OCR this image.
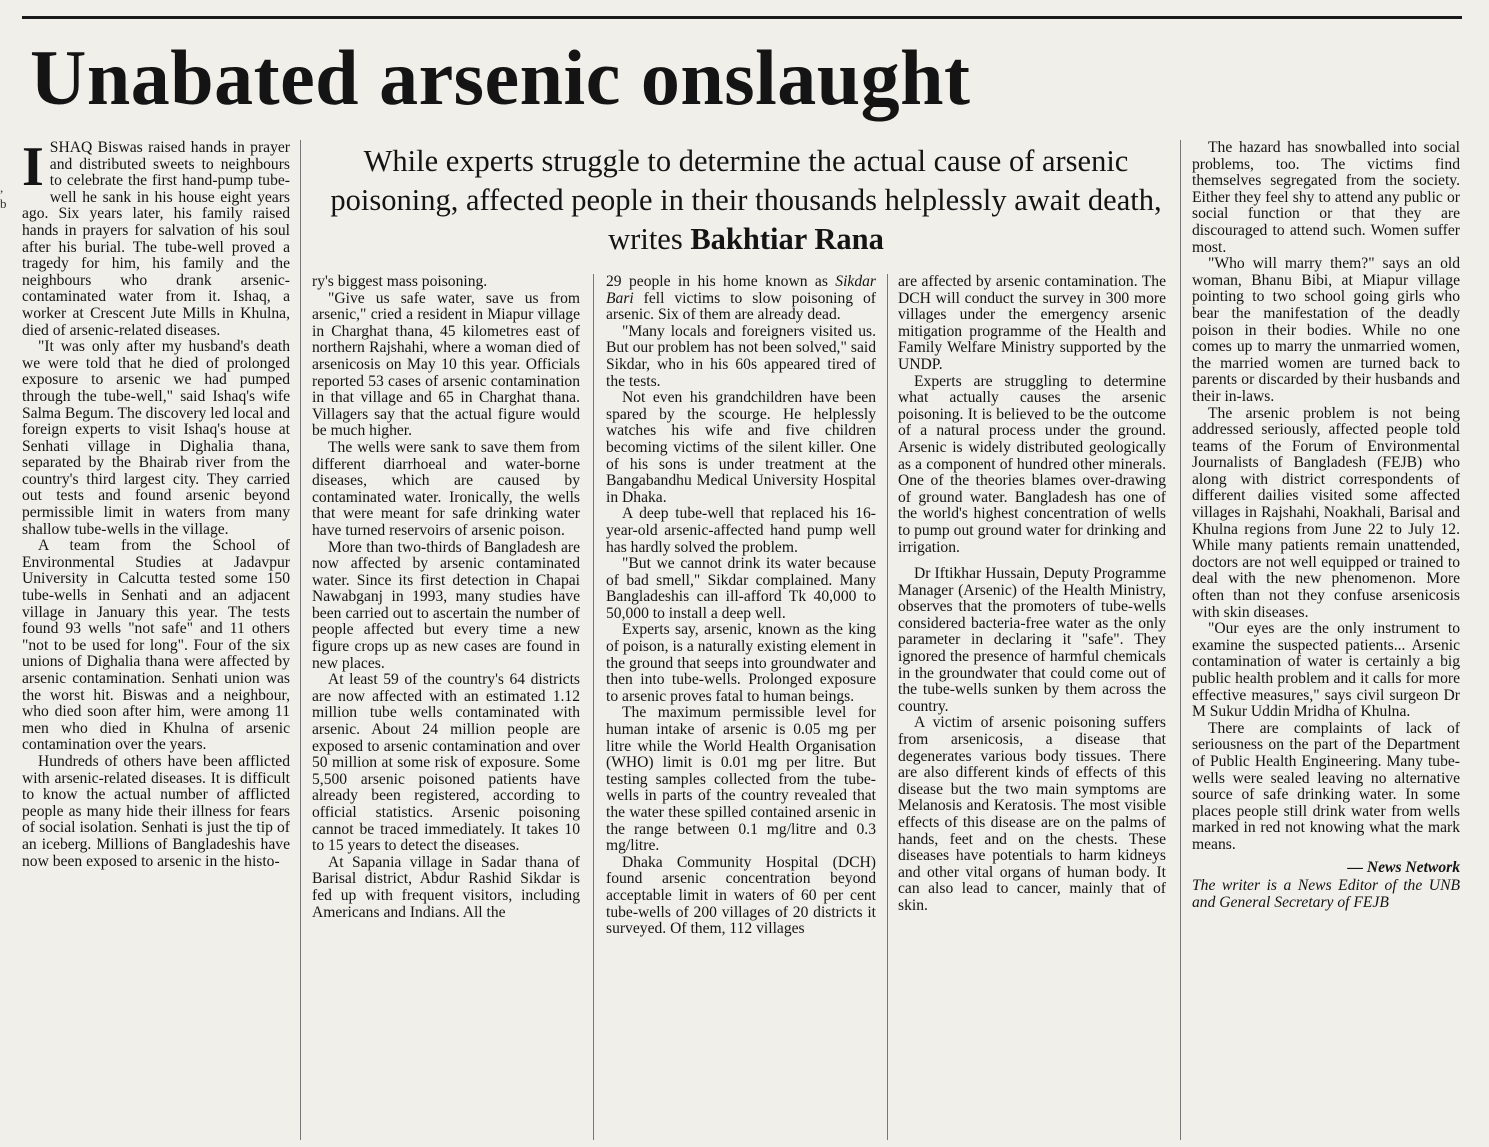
, b
Unabated arsenic onslaught
While experts struggle to determine the actual cause of arsenic poisoning, affected people in their thousands helplessly await death, writes Bakhtiar Rana

ISHAQ Biswas raised hands in prayer and distributed sweets to neighbours to celebrate the first hand-pump tube-well he sank in his house eight years ago. Six years later, his family raised hands in prayers for salvation of his soul after his burial. The tube-well proved a tragedy for him, his family and the neighbours who drank arsenic-contaminated water from it. Ishaq, a worker at Crescent Jute Mills in Khulna, died of arsenic-related diseases.

"It was only after my husband's death we were told that he died of prolonged exposure to arsenic we had pumped through the tube-well," said Ishaq's wife Salma Begum. The discovery led local and foreign experts to visit Ishaq's house at Senhati village in Dighalia thana, separated by the Bhairab river from the country's third largest city. They carried out tests and found arsenic beyond permissible limit in waters from many shallow tube-wells in the village.

A team from the School of Environmental Studies at Jadavpur University in Calcutta tested some 150 tube-wells in Senhati and an adjacent village in January this year. The tests found 93 wells "not safe" and 11 others "not to be used for long". Four of the six unions of Dighalia thana were affected by arsenic contamination. Senhati union was the worst hit. Biswas and a neighbour, who died soon after him, were among 11 men who died in Khulna of arsenic contamination over the years.

Hundreds of others have been afflicted with arsenic-related diseases. It is difficult to know the actual number of afflicted people as many hide their illness for fears of social isolation. Senhati is just the tip of an iceberg. Millions of Bangladeshis have now been exposed to arsenic in the histo-

ry's biggest mass poisoning.

"Give us safe water, save us from arsenic," cried a resident in Miapur village in Charghat thana, 45 kilometres east of northern Rajshahi, where a woman died of arsenicosis on May 10 this year. Officials reported 53 cases of arsenic contamination in that village and 65 in Charghat thana. Villagers say that the actual figure would be much higher.

The wells were sank to save them from different diarrhoeal and water-borne diseases, which are caused by contaminated water. Ironically, the wells that were meant for safe drinking water have turned reservoirs of arsenic poison.

More than two-thirds of Bangladesh are now affected by arsenic contaminated water. Since its first detection in Chapai Nawabganj in 1993, many studies have been carried out to ascertain the number of people affected but every time a new figure crops up as new cases are found in new places.

At least 59 of the country's 64 districts are now affected with an estimated 1.12 million tube wells contaminated with arsenic. About 24 million people are exposed to arsenic contamination and over 50 million at some risk of exposure. Some 5,500 arsenic poisoned patients have already been registered, according to official statistics. Arsenic poisoning cannot be traced immediately. It takes 10 to 15 years to detect the diseases.

At Sapania village in Sadar thana of Barisal district, Abdur Rashid Sikdar is fed up with frequent visitors, including Americans and Indians. All the

29 people in his home known as Sikdar Bari fell victims to slow poisoning of arsenic. Six of them are already dead.

"Many locals and foreigners visited us. But our problem has not been solved," said Sikdar, who in his 60s appeared tired of the tests.

Not even his grandchildren have been spared by the scourge. He helplessly watches his wife and five children becoming victims of the silent killer. One of his sons is under treatment at the Bangabandhu Medical University Hospital in Dhaka.

A deep tube-well that replaced his 16-year-old arsenic-affected hand pump well has hardly solved the problem.

"But we cannot drink its water because of bad smell," Sikdar complained. Many Bangladeshis can ill-afford Tk 40,000 to 50,000 to install a deep well.

Experts say, arsenic, known as the king of poison, is a naturally existing element in the ground that seeps into groundwater and then into tube-wells. Prolonged exposure to arsenic proves fatal to human beings.

The maximum permissible level for human intake of arsenic is 0.05 mg per litre while the World Health Organisation (WHO) limit is 0.01 mg per litre. But testing samples collected from the tube-wells in parts of the country revealed that the water these spilled contained arsenic in the range between 0.1 mg/litre and 0.3 mg/litre.

Dhaka Community Hospital (DCH) found arsenic concentration beyond acceptable limit in waters of 60 per cent tube-wells of 200 villages of 20 districts it surveyed. Of them, 112 villages

are affected by arsenic contamination. The DCH will conduct the survey in 300 more villages under the emergency arsenic mitigation programme of the Health and Family Welfare Ministry supported by the UNDP.

Experts are struggling to determine what actually causes the arsenic poisoning. It is believed to be the outcome of a natural process under the ground. Arsenic is widely distributed geologically as a component of hundred other minerals. One of the theories blames over-drawing of ground water. Bangladesh has one of the world's highest concentration of wells to pump out ground water for drinking and irrigation.

Dr Iftikhar Hussain, Deputy Programme Manager (Arsenic) of the Health Ministry, observes that the promoters of tube-wells considered bacteria-free water as the only parameter in declaring it "safe". They ignored the presence of harmful chemicals in the groundwater that could come out of the tube-wells sunken by them across the country.

A victim of arsenic poisoning suffers from arsenicosis, a disease that degenerates various body tissues. There are also different kinds of effects of this disease but the two main symptoms are Melanosis and Keratosis. The most visible effects of this disease are on the palms of hands, feet and on the chests. These diseases have potentials to harm kidneys and other vital organs of human body. It can also lead to cancer, mainly that of skin.

The hazard has snowballed into social problems, too. The victims find themselves segregated from the society. Either they feel shy to attend any public or social function or that they are discouraged to attend such. Women suffer most.

"Who will marry them?" says an old woman, Bhanu Bibi, at Miapur village pointing to two school going girls who bear the manifestation of the deadly poison in their bodies. While no one comes up to marry the unmarried women, the married women are turned back to parents or discarded by their husbands and their in-laws.

The arsenic problem is not being addressed seriously, affected people told teams of the Forum of Environmental Journalists of Bangladesh (FEJB) who along with district correspondents of different dailies visited some affected villages in Rajshahi, Noakhali, Barisal and Khulna regions from June 22 to July 12. While many patients remain unattended, doctors are not well equipped or trained to deal with the new phenomenon. More often than not they confuse arsenicosis with skin diseases.

"Our eyes are the only instrument to examine the suspected patients... Arsenic contamination of water is certainly a big public health problem and it calls for more effective measures," says civil surgeon Dr M Sukur Uddin Mridha of Khulna.

There are complaints of lack of seriousness on the part of the Department of Public Health Engineering. Many tube-wells were sealed leaving no alternative source of safe drinking water. In some places people still drink water from wells marked in red not knowing what the mark means.

— News Network

The writer is a News Editor of the UNB and General Secretary of FEJB
